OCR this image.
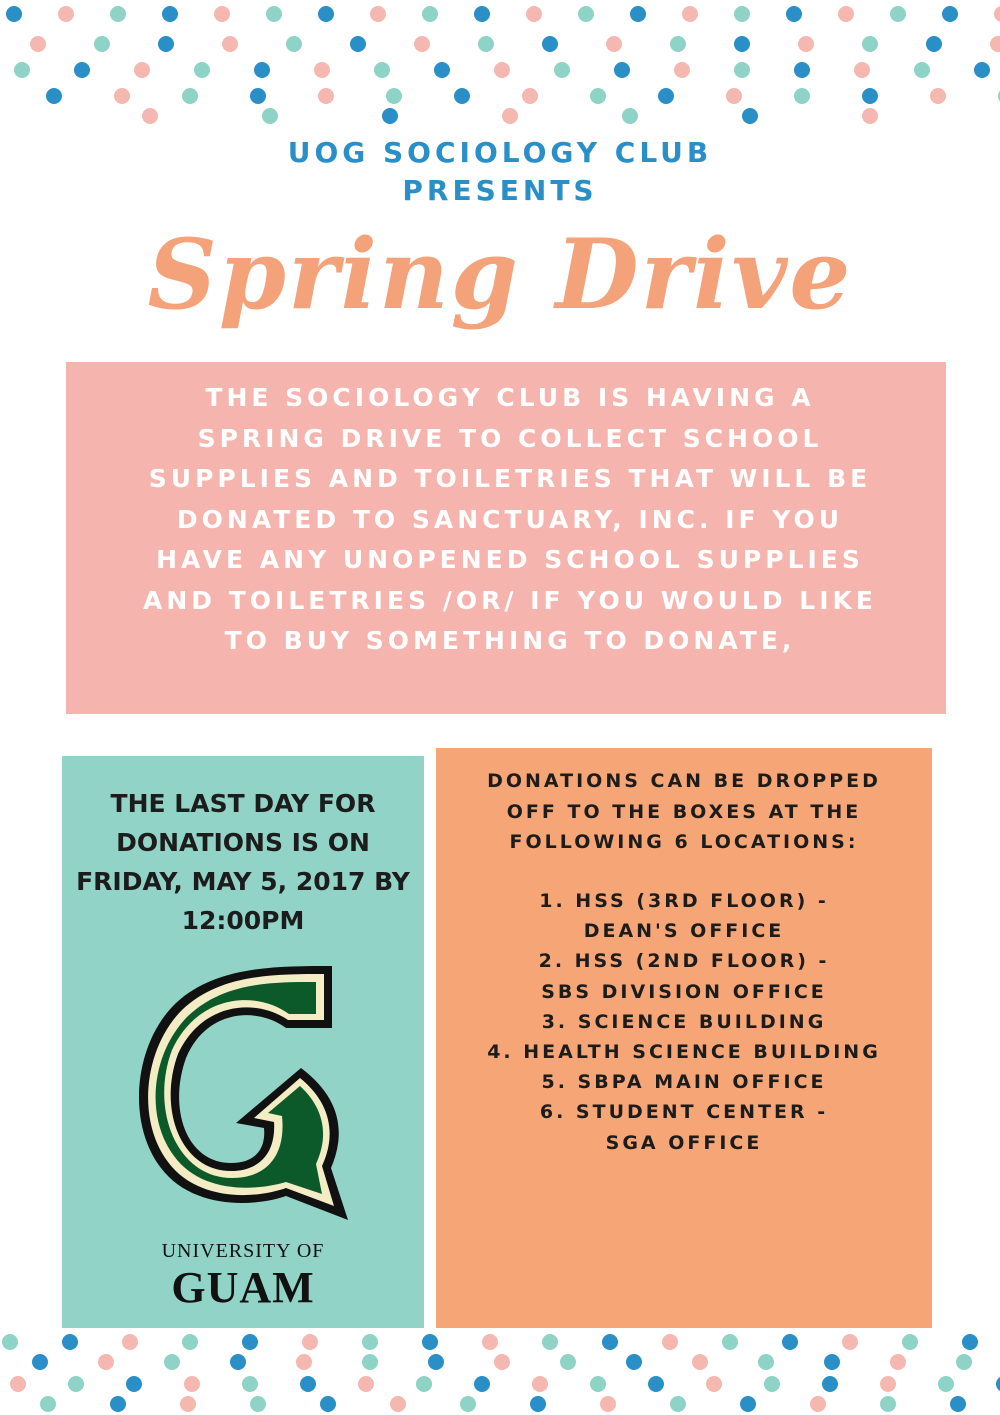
UOG SOCIOLOGY CLUB
PRESENTS
Spring Drive

THE SOCIOLOGY CLUB IS HAVING A
SPRING DRIVE TO COLLECT SCHOOL
SUPPLIES AND TOILETRIES THAT WILL BE
DONATED TO SANCTUARY, INC. IF YOU
HAVE ANY UNOPENED SCHOOL SUPPLIES
AND TOILETRIES /OR/ IF YOU WOULD LIKE
TO BUY SOMETHING TO DONATE,

THE LAST DAY FOR
DONATIONS IS ON
FRIDAY, MAY 5, 2017 BY
12:00PM

DONATIONS CAN BE DROPPED
OFF TO THE BOXES AT THE
FOLLOWING 6 LOCATIONS:

1. HSS (3RD FLOOR) -
DEAN'S OFFICE
2. HSS (2ND FLOOR) -
SBS DIVISION OFFICE
3. SCIENCE BUILDING
4. HEALTH SCIENCE BUILDING
5. SBPA MAIN OFFICE
6. STUDENT CENTER -
SGA OFFICE
UNIVERSITY OF
GUAM
